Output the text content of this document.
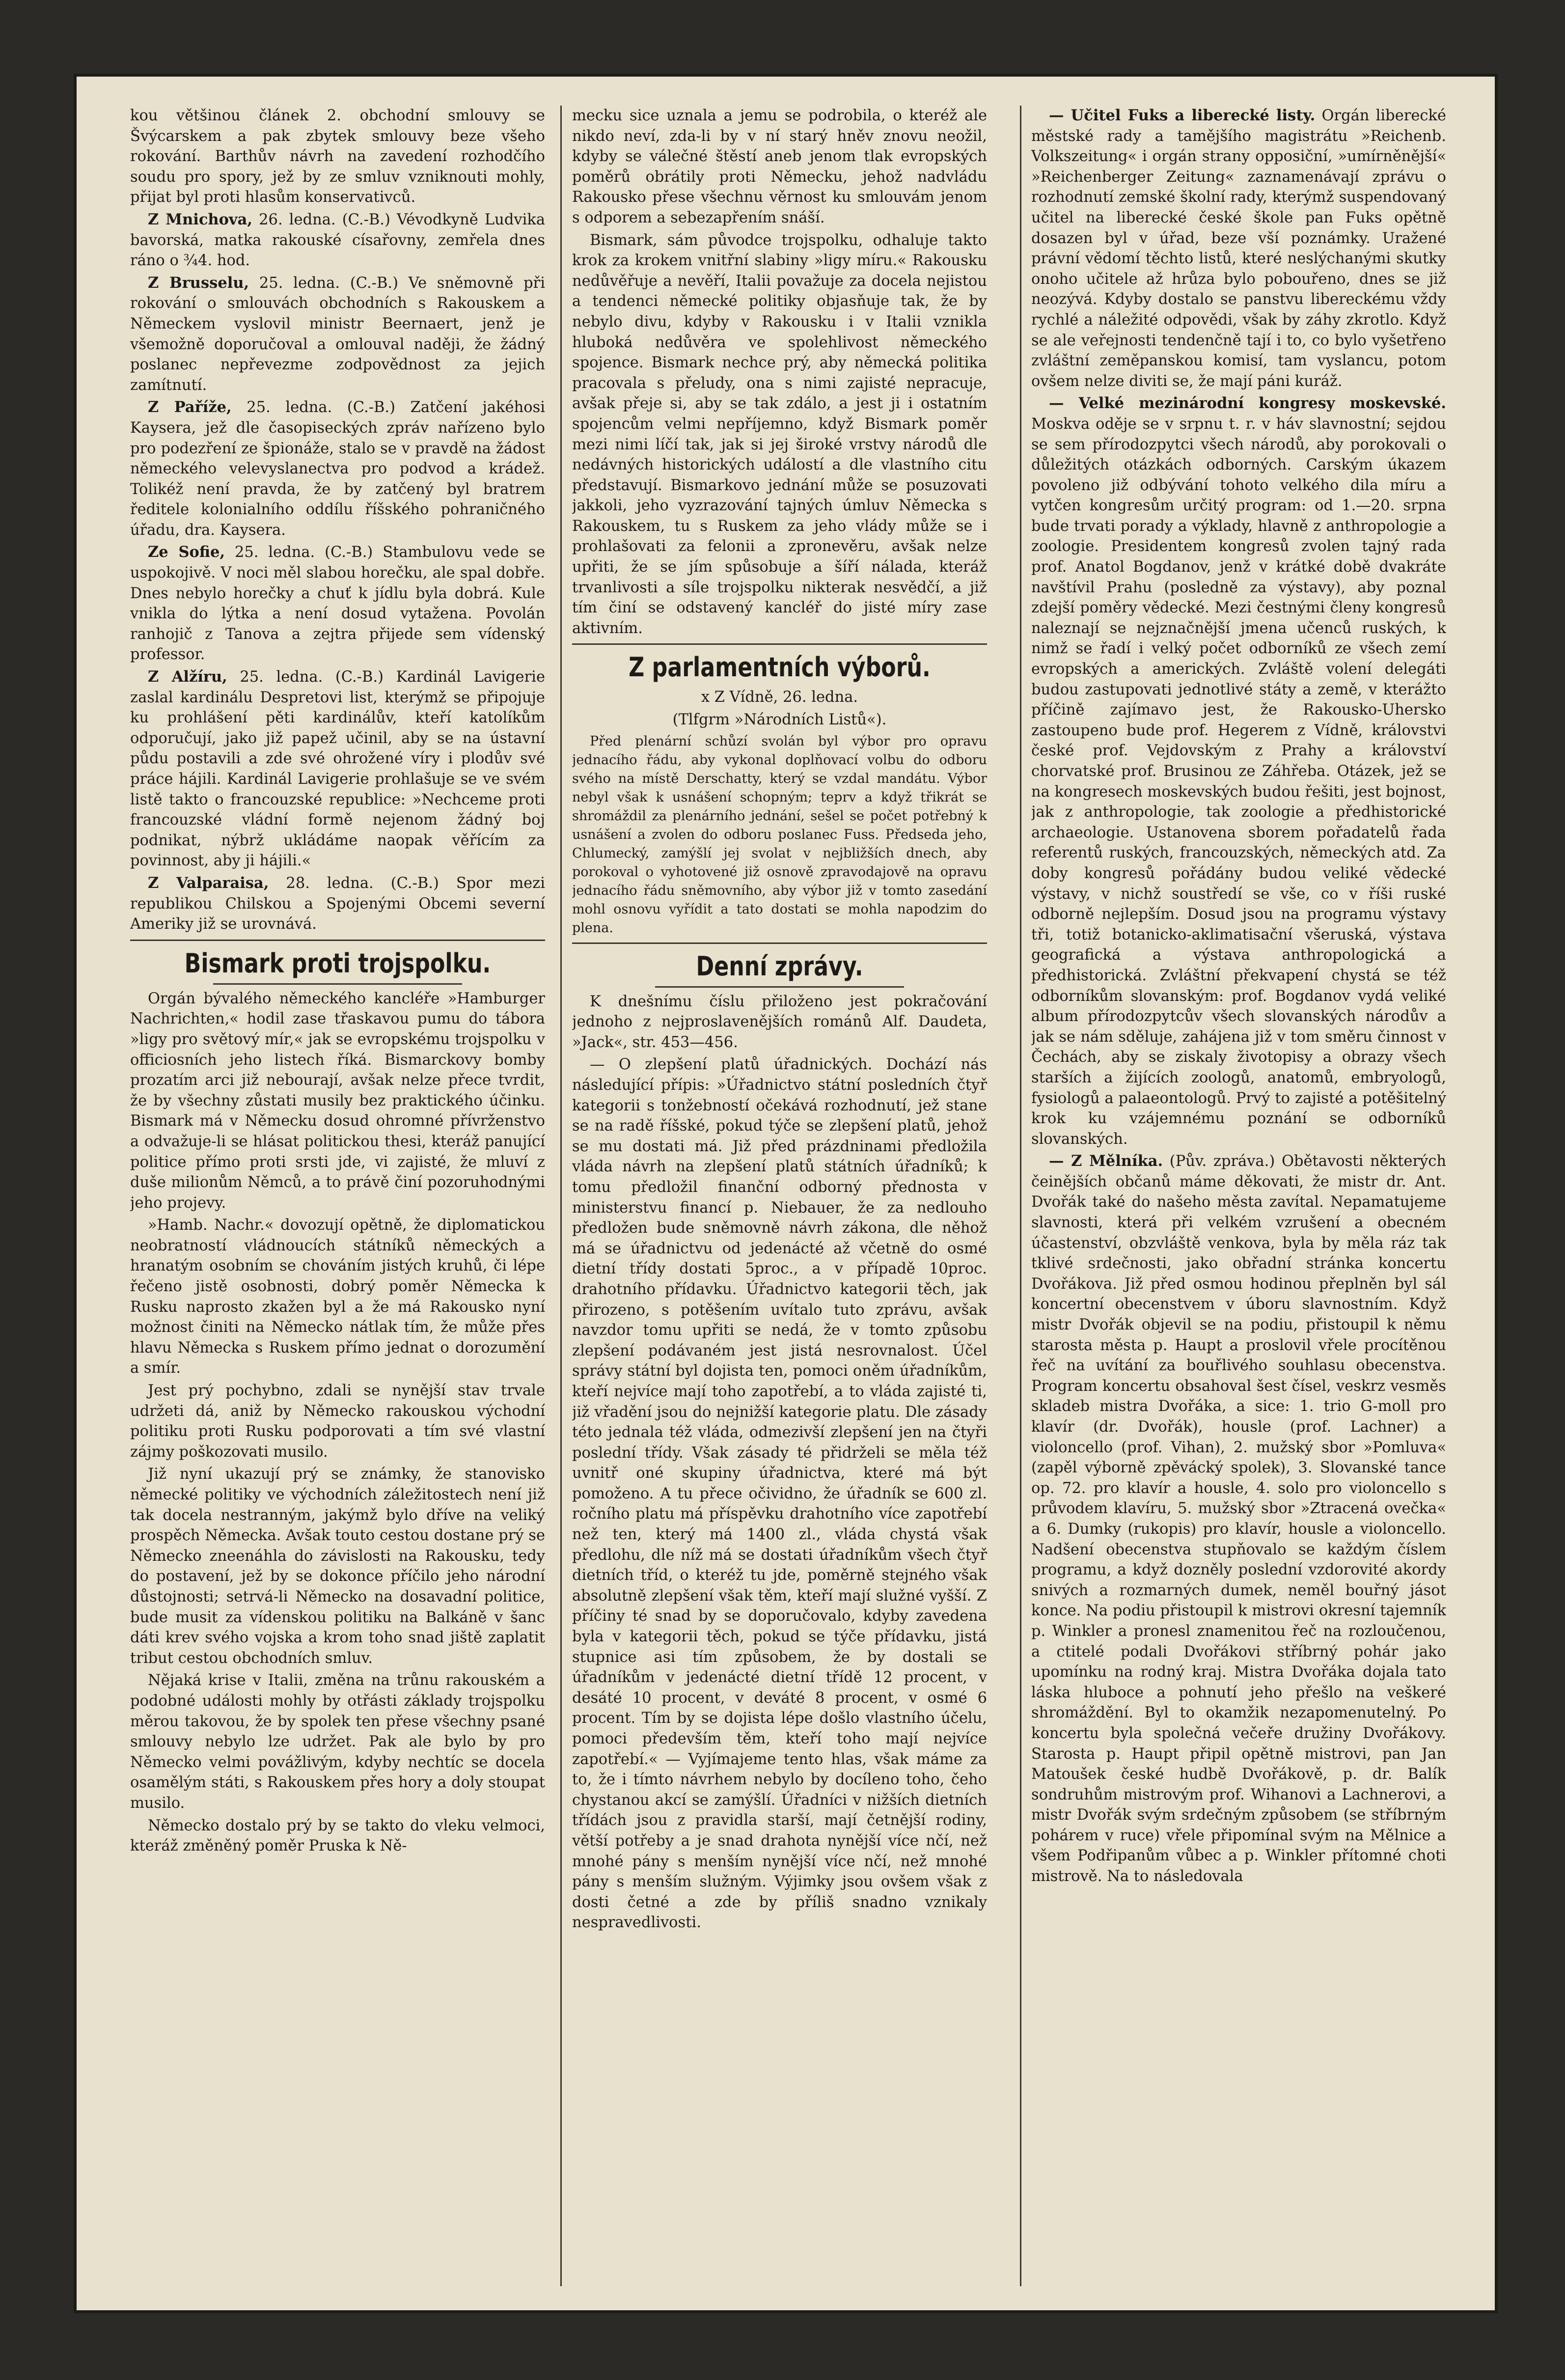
kou většinou článek 2. obchodní smlouvy se Švýcarskem a pak zbytek smlouvy beze všeho rokování. Barthův návrh na zavedení rozhodčího soudu pro spory, jež by ze smluv vzniknouti mohly, přijat byl proti hlasům konservativců.

Z Mnichova, 26. ledna. (C.-B.) Vévodkyně Ludvika bavorská, matka rakouské císařovny, zemřela dnes ráno o ¾4. hod.

Z Brusselu, 25. ledna. (C.-B.) Ve sněmovně při rokování o smlouvách obchodních s Rakouskem a Německem vyslovil ministr Beernaert, jenž je všemožně doporučoval a omlouval naději, že žádný poslanec nepřevezme zodpovědnost za jejich zamítnutí.

Z Paříže, 25. ledna. (C.-B.) Zatčení jakéhosi Kaysera, jež dle časopiseckých zpráv nařízeno bylo pro podezření ze špionáže, stalo se v pravdě na žádost německého velevyslanectva pro podvod a krádež. Tolikéž není pravda, že by zatčený byl bratrem ředitele kolonialního oddílu říšského pohraničného úřadu, dra. Kaysera.

Ze Sofie, 25. ledna. (C.-B.) Stambulovu vede se uspokojivě. V noci měl slabou horečku, ale spal dobře. Dnes nebylo horečky a chuť k jídlu byla dobrá. Kule vnikla do lýtka a není dosud vytažena. Povolán ranhojič z Tanova a zejtra přijede sem vídenský professor.

Z Alžíru, 25. ledna. (C.-B.) Kardinál Lavigerie zaslal kardinálu Despretovi list, kterýmž se připojuje ku prohlášení pěti kardinálův, kteří katolíkům odporučují, jako již papež učinil, aby se na ústavní půdu postavili a zde své ohrožené víry i plodův své práce hájili. Kardinál Lavigerie prohlašuje se ve svém listě takto o francouzské republice: »Nechceme proti francouzské vládní formě nejenom žádný boj podnikat, nýbrž ukládáme naopak věřícím za povinnost, aby ji hájili.«

Z Valparaisa, 28. ledna. (C.-B.) Spor mezi republikou Chilskou a Spojenými Obcemi severní Ameriky již se urovnává.

Bismark proti trojspolku.

Orgán bývalého německého kancléře »Hamburger Nachrichten,« hodil zase třaskavou pumu do tábora »ligy pro světový mír,« jak se evropskému trojspolku v officiosních jeho listech říká. Bismarckovy bomby prozatím arci již nebourají, avšak nelze přece tvrdit, že by všechny zůstati musily bez praktického účinku. Bismark má v Německu dosud ohromné přívrženstvo a odvažuje-li se hlásat politickou thesi, kteráž panující politice přímo proti srsti jde, vi zajisté, že mluví z duše milionům Němců, a to právě činí pozoruhodnými jeho projevy.

»Hamb. Nachr.« dovozují opětně, že diplomatickou neobratností vládnoucích státníků německých a hranatým osobním se chováním jistých kruhů, či lépe řečeno jistě osobnosti, dobrý poměr Německa k Rusku naprosto zkažen byl a že má Rakousko nyní možnost činiti na Německo nátlak tím, že může přes hlavu Německa s Ruskem přímo jednat o dorozumění a smír.

Jest prý pochybno, zdali se nynější stav trvale udržeti dá, aniž by Německo rakouskou východní politiku proti Rusku podporovati a tím své vlastní zájmy poškozovati musilo.

Již nyní ukazují prý se známky, že stanovisko německé politiky ve východních záležitostech není již tak docela nestranným, jakýmž bylo dříve na veliký prospěch Německa. Avšak touto cestou dostane prý se Německo zneenáhla do závislosti na Rakousku, tedy do postavení, jež by se dokonce příčilo jeho národní důstojnosti; setrvá-li Německo na dosavadní politice, bude musit za vídenskou politiku na Balkáně v šanc dáti krev svého vojska a krom toho snad jiště zaplatit tribut cestou obchodních smluv.

Nějaká krise v Italii, změna na trůnu rakouském a podobné události mohly by otřásti základy trojspolku měrou takovou, že by spolek ten přese všechny psané smlouvy nebylo lze udržet. Pak ale bylo by pro Německo velmi povážlivým, kdyby nechtíc se docela osamělým státi, s Rakouskem přes hory a doly stoupat musilo.

Německo dostalo prý by se takto do vleku velmoci, kteráž změněný poměr Pruska k Ně-

mecku sice uznala a jemu se podrobila, o kteréž ale nikdo neví, zda-li by v ní starý hněv znovu neožil, kdyby se válečné štěstí aneb jenom tlak evropských poměrů obrátily proti Německu, jehož nadvládu Rakousko přese všechnu věrnost ku smlouvám jenom s odporem a sebezapřením snáší.

Bismark, sám původce trojspolku, odhaluje takto krok za krokem vnitřní slabiny »ligy míru.« Rakousku nedůvěřuje a nevěří, Italii považuje za docela nejistou a tendenci německé politiky objasňuje tak, že by nebylo divu, kdyby v Rakousku i v Italii vznikla hluboká nedůvěra ve spolehlivost německého spojence. Bismark nechce prý, aby německá politika pracovala s přeludy, ona s nimi zajisté nepracuje, avšak přeje si, aby se tak zdálo, a jest ji i ostatním spojencům velmi nepříjemno, když Bismark poměr mezi nimi líčí tak, jak si jej široké vrstvy národů dle nedávných historických událostí a dle vlastního citu představují. Bismarkovo jednání může se posuzovati jakkoli, jeho vyzrazování tajných úmluv Německa s Rakouskem, tu s Ruskem za jeho vlády může se i prohlašovati za felonii a zpronevěru, avšak nelze upřiti, že se jím spůsobuje a šíří nálada, kteráž trvanlivosti a síle trojspolku nikterak nesvědčí, a již tím činí se odstavený kancléř do jisté míry zase aktivním.

Z parlamentních výborů.

x Z Vídně, 26. ledna.

(Tlfgrm »Národních Listů«).

Před plenární schůzí svolán byl výbor pro opravu jednacího řádu, aby vykonal doplňovací volbu do odboru svého na místě Derschatty, který se vzdal mandátu. Výbor nebyl však k usnášení schopným; teprv a když třikrát se shromáždil za plenárního jednání, sešel se počet potřebný k usnášení a zvolen do odboru poslanec Fuss. Předseda jeho, Chlumecký, zamýšlí jej svolat v nejbližších dnech, aby porokoval o vyhotovené již osnově zpravodajově na opravu jednacího řádu sněmovního, aby výbor již v tomto zasedání mohl osnovu vyřídit a tato dostati se mohla napodzim do plena.

Denní zprávy.

K dnešnímu číslu přiloženo jest pokračování jednoho z nejproslavenějších románů Alf. Daudeta, »Jack«, str. 453—456.

— O zlepšení platů úřadnických. Dochází nás následující přípis: »Úřadnictvo státní posledních čtyř kategorii s tonžebností očekává rozhodnutí, jež stane se na radě říšské, pokud týče se zlepšení platů, jehož se mu dostati má. Již před prázdninami předložila vláda návrh na zlepšení platů státních úřadníků; k tomu předložil finanční odborný přednosta v ministerstvu financí p. Niebauer, že za nedlouho předložen bude sněmovně návrh zákona, dle něhož má se úřadnictvu od jedenácté až včetně do osmé dietní třídy dostati 5proc., a v případě 10proc. drahotního přídavku. Úřadnictvo kategorii těch, jak přirozeno, s potěšením uvítalo tuto zprávu, avšak navzdor tomu upřiti se nedá, že v tomto způsobu zlepšení podávaném jest jistá nesrovnalost. Účel správy státní byl dojista ten, pomoci oněm úřadníkům, kteří nejvíce mají toho zapotřebí, a to vláda zajisté ti, již vřadění jsou do nejnižší kategorie platu. Dle zásady této jednala též vláda, odmezivší zlepšení jen na čtyři poslední třídy. Však zásady té přidrželi se měla též uvnitř oné skupiny úřadnictva, které má být pomoženo. A tu přece očividno, že úřadník se 600 zl. ročního platu má příspěvku drahotního více zapotřebí než ten, který má 1400 zl., vláda chystá však předlohu, dle níž má se dostati úřadníkům všech čtyř dietních tříd, o kteréž tu jde, poměrně stejného však absolutně zlepšení však těm, kteří mají služné vyšší. Z příčiny té snad by se doporučovalo, kdyby zavedena byla v kategorii těch, pokud se týče přídavku, jistá stupnice asi tím způsobem, že by dostali se úřadníkům v jedenácté dietní třídě 12 procent, v desáté 10 procent, v deváté 8 procent, v osmé 6 procent. Tím by se dojista lépe došlo vlastního účelu, pomoci především těm, kteří toho mají nejvíce zapotřebí.« — Vyjímajeme tento hlas, však máme za to, že i tímto návrhem nebylo by docíleno toho, čeho chystanou akcí se zamýšlí. Úřadníci v nižších dietních třídách jsou z pravidla starší, mají četnější rodiny, větší potřeby a je snad drahota nynější více nčí, než mnohé pány s menším nynější více nčí, než mnohé pány s menším služným. Výjimky jsou ovšem však z dosti četné a zde by příliš snadno vznikaly nespravedlivosti.

— Učitel Fuks a liberecké listy. Orgán liberecké městské rady a tamějšího magistrátu »Reichenb. Volkszeitung« i orgán strany opposiční, »umírněnější« »Reichenberger Zeitung« zaznamenávají zprávu o rozhodnutí zemské školní rady, kterýmž suspendovaný učitel na liberecké české škole pan Fuks opětně dosazen byl v úřad, beze vší poznámky. Uražené právní vědomí těchto listů, které neslýchanými skutky onoho učitele až hrůza bylo pobouřeno, dnes se již neozývá. Kdyby dostalo se panstvu libereckému vždy rychlé a náležité odpovědi, však by záhy zkrotlo. Když se ale veřejnosti tendenčně tají i to, co bylo vyšetřeno zvláštní zeměpanskou komisí, tam vyslancu, potom ovšem nelze diviti se, že mají páni kuráž.

— Velké mezinárodní kongresy moskevské. Moskva oděje se v srpnu t. r. v háv slavnostní; sejdou se sem přírodozpytci všech národů, aby porokovali o důležitých otázkách odborných. Carským úkazem povoleno již odbývání tohoto velkého dila míru a vytčen kongresům určitý program: od 1.—20. srpna bude trvati porady a výklady, hlavně z anthropologie a zoologie. Presidentem kongresů zvolen tajný rada prof. Anatol Bogdanov, jenž v krátké době dvakráte navštívil Prahu (posledně za výstavy), aby poznal zdejší poměry vědecké. Mezi čestnými členy kongresů naleznají se nejznačnější jmena učenců ruských, k nimž se řadí i velký počet odborníků ze všech zemí evropských a amerických. Zvláště volení delegáti budou zastupovati jednotlivé státy a země, v kterážto příčině zajímavo jest, že Rakousko-Uhersko zastoupeno bude prof. Hegerem z Vídně, královstvi české prof. Vejdovským z Prahy a království chorvatské prof. Brusinou ze Záhřeba. Otázek, jež se na kongresech moskevských budou řešiti, jest bojnost, jak z anthropologie, tak zoologie a předhistorické archaeologie. Ustanovena sborem pořadatelů řada referentů ruských, francouzských, německých atd. Za doby kongresů pořádány budou veliké vědecké výstavy, v nichž soustředí se vše, co v říši ruské odborně nejlepším. Dosud jsou na programu výstavy tři, totiž botanicko-aklimatisační všeruská, výstava geografická a výstava anthropologická a předhistorická. Zvláštní překvapení chystá se též odborníkům slovanským: prof. Bogdanov vydá veliké album přírodozpytcův všech slovanských národův a jak se nám sděluje, zahájena již v tom směru činnost v Čechách, aby se ziskaly životopisy a obrazy všech starších a žijících zoologů, anatomů, embryologů, fysiologů a palaeontologů. Prvý to zajisté a potěšitelný krok ku vzájemnému poznání se odborníků slovanských.

— Z Mělníka. (Pův. zpráva.) Obětavosti některých čeinějších občanů máme děkovati, že mistr dr. Ant. Dvořák také do našeho města zavítal. Nepamatujeme slavnosti, která při velkém vzrušení a obecném účastenství, obzvláště venkova, byla by měla ráz tak tklivé srdečnosti, jako obřadní stránka koncertu Dvořákova. Již před osmou hodinou přeplněn byl sál koncertní obecenstvem v úboru slavnostním. Když mistr Dvořák objevil se na podiu, přistoupil k němu starosta města p. Haupt a proslovil vřele procítěnou řeč na uvítání za bouřlivého souhlasu obecenstva. Program koncertu obsahoval šest čísel, veskrz vesměs skladeb mistra Dvořáka, a sice: 1. trio G-moll pro klavír (dr. Dvořák), housle (prof. Lachner) a violoncello (prof. Vihan), 2. mužský sbor »Pomluva« (zapěl výborně zpěvácký spolek), 3. Slovanské tance op. 72. pro klavír a housle, 4. solo pro violoncello s průvodem klavíru, 5. mužský sbor »Ztracená ovečka« a 6. Dumky (rukopis) pro klavír, housle a violoncello. Nadšení obecenstva stupňovalo se každým číslem programu, a když dozněly poslední vzdorovité akordy snivých a rozmarných dumek, neměl bouřný jásot konce. Na podiu přistoupil k mistrovi okresní tajemník p. Winkler a pronesl znamenitou řeč na rozloučenou, a ctitelé podali Dvořákovi stříbrný pohár jako upomínku na rodný kraj. Mistra Dvořáka dojala tato láska hluboce a pohnutí jeho přešlo na veškeré shromáždění. Byl to okamžik nezapomenutelný. Po koncertu byla společná večeře družiny Dvořákovy. Starosta p. Haupt připil opětně mistrovi, pan Jan Matoušek české hudbě Dvořákově, p. dr. Balík sondruhům mistrovým prof. Wihanovi a Lachnerovi, a mistr Dvořák svým srdečným způsobem (se stříbrným pohárem v ruce) vřele připomínal svým na Mělnice a všem Podřipanům vůbec a p. Winkler přítomné choti mistrově. Na to následovala
